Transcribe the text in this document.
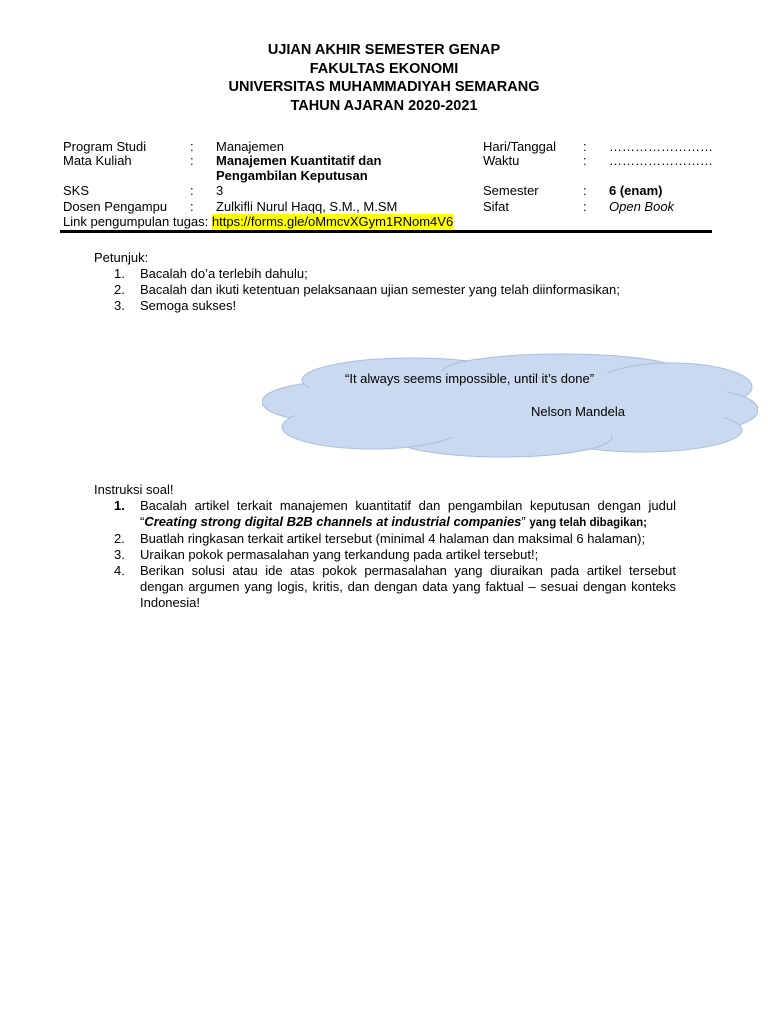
UJIAN AKHIR SEMESTER GENAP
FAKULTAS EKONOMI
UNIVERSITAS MUHAMMADIYAH SEMARANG
TAHUN AJARAN 2020-2021
Program Studi	: Manajemen	Hari/Tanggal : ……………………
Mata Kuliah	: Manajemen Kuantitatif dan	Waktu	: ……………………
Pengambilan Keputusan
SKS	: 3	Semester	: 6 (enam)
Dosen Pengampu : Zulkifli Nurul Haqq, S.M., M.SM	Sifat	: Open Book
Link pengumpulan tugas: https://forms.gle/oMmcvXGym1RNom4V6
Petunjuk:
1. Bacalah do’a terlebih dahulu;
2. Bacalah dan ikuti ketentuan pelaksanaan ujian semester yang telah diinformasikan;
3. Semoga sukses!
“It always seems impossible, until it’s done”
Nelson Mandela
Instruksi soal!
1. Bacalah artikel terkait manajemen kuantitatif dan pengambilan keputusan dengan judul “Creating strong digital B2B channels at industrial companies” yang telah dibagikan;
2. Buatlah ringkasan terkait artikel tersebut (minimal 4 halaman dan maksimal 6 halaman);
3. Uraikan pokok permasalahan yang terkandung pada artikel tersebut!;
4. Berikan solusi atau ide atas pokok permasalahan yang diuraikan pada artikel tersebut dengan argumen yang logis, kritis, dan dengan data yang faktual – sesuai dengan konteks Indonesia!
